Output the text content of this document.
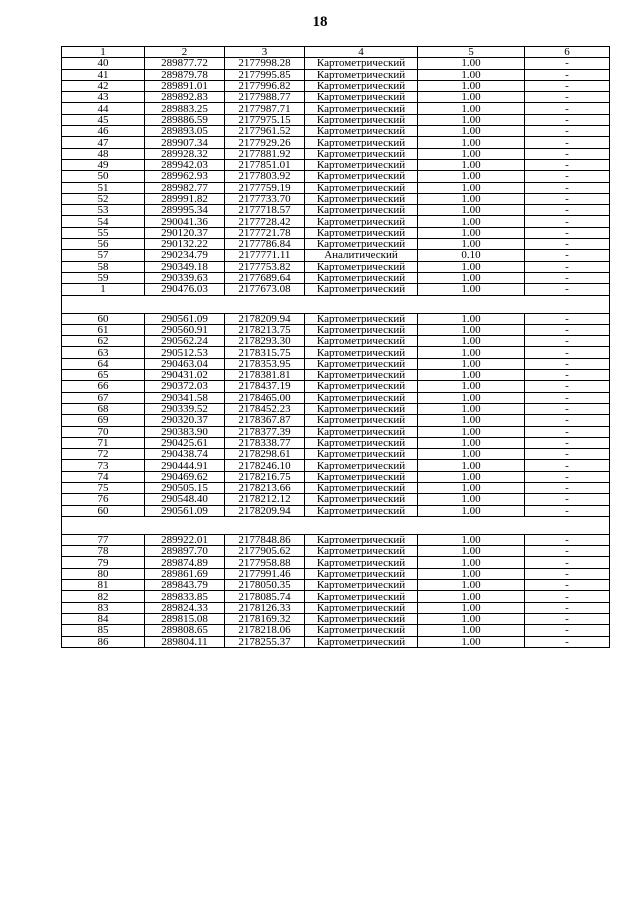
18
1	2	3	4	5	6
40	289877.72	2177998.28	Картометрический	1.00	-
41	289879.78	2177995.85	Картометрический	1.00	-
42	289891.01	2177996.82	Картометрический	1.00	-
43	289892.83	2177988.77	Картометрический	1.00	-
44	289883.25	2177987.71	Картометрический	1.00	-
45	289886.59	2177975.15	Картометрический	1.00	-
46	289893.05	2177961.52	Картометрический	1.00	-
47	289907.34	2177929.26	Картометрический	1.00	-
48	289928.32	2177881.92	Картометрический	1.00	-
49	289942.03	2177851.01	Картометрический	1.00	-
50	289962.93	2177803.92	Картометрический	1.00	-
51	289982.77	2177759.19	Картометрический	1.00	-
52	289991.82	2177733.70	Картометрический	1.00	-
53	289995.34	2177718.57	Картометрический	1.00	-
54	290041.36	2177728.42	Картометрический	1.00	-
55	290120.37	2177721.78	Картометрический	1.00	-
56	290132.22	2177786.84	Картометрический	1.00	-
57	290234.79	2177771.11	Аналитический	0.10	-
58	290349.18	2177753.82	Картометрический	1.00	-
59	290339.63	2177689.64	Картометрический	1.00	-
1	290476.03	2177673.08	Картометрический	1.00	-

60	290561.09	2178209.94	Картометрический	1.00	-
61	290560.91	2178213.75	Картометрический	1.00	-
62	290562.24	2178293.30	Картометрический	1.00	-
63	290512.53	2178315.75	Картометрический	1.00	-
64	290463.04	2178353.95	Картометрический	1.00	-
65	290431.02	2178381.81	Картометрический	1.00	-
66	290372.03	2178437.19	Картометрический	1.00	-
67	290341.58	2178465.00	Картометрический	1.00	-
68	290339.52	2178452.23	Картометрический	1.00	-
69	290320.37	2178367.87	Картометрический	1.00	-
70	290383.90	2178377.39	Картометрический	1.00	-
71	290425.61	2178338.77	Картометрический	1.00	-
72	290438.74	2178298.61	Картометрический	1.00	-
73	290444.91	2178246.10	Картометрический	1.00	-
74	290469.62	2178216.75	Картометрический	1.00	-
75	290505.15	2178213.66	Картометрический	1.00	-
76	290548.40	2178212.12	Картометрический	1.00	-
60	290561.09	2178209.94	Картометрический	1.00	-

77	289922.01	2177848.86	Картометрический	1.00	-
78	289897.70	2177905.62	Картометрический	1.00	-
79	289874.89	2177958.88	Картометрический	1.00	-
80	289861.69	2177991.46	Картометрический	1.00	-
81	289843.79	2178050.35	Картометрический	1.00	-
82	289833.85	2178085.74	Картометрический	1.00	-
83	289824.33	2178126.33	Картометрический	1.00	-
84	289815.08	2178169.32	Картометрический	1.00	-
85	289808.65	2178218.06	Картометрический	1.00	-
86	289804.11	2178255.37	Картометрический	1.00	-
